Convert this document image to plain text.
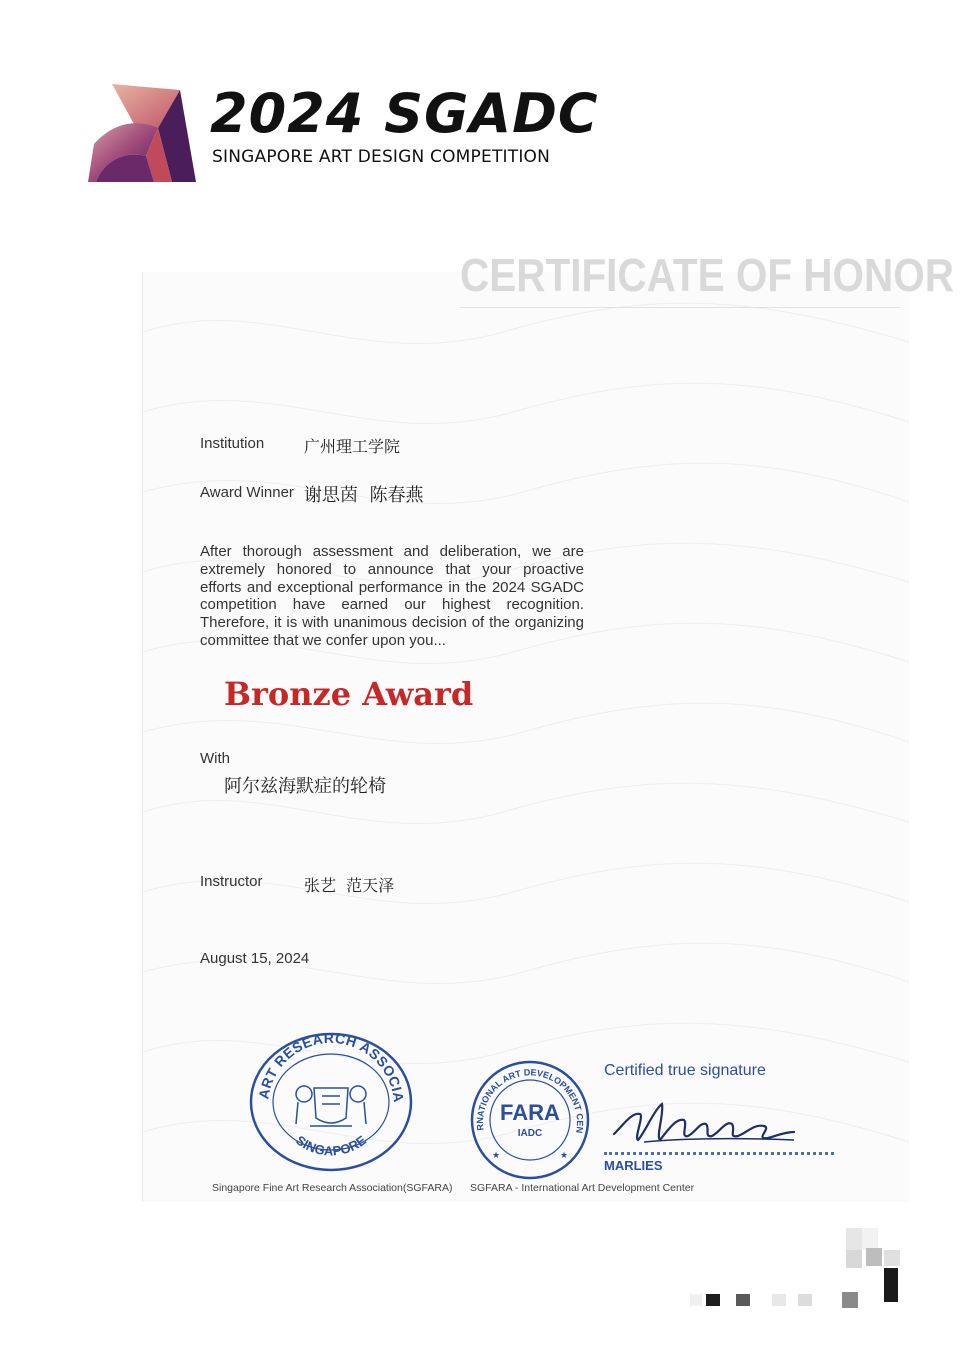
2024 SGADC
SINGAPORE ART DESIGN COMPETITION
CERTIFICATE OF HONOR
Institution 广州理工学院
Award Winner 谢思茵  陈春燕
After thorough assessment and deliberation, we are extremely honored to announce that your proactive efforts and exceptional performance in the 2024 SGADC competition have earned our highest recognition. Therefore, it is with unanimous decision of the organizing committee that we confer upon you...
Bronze Award
With
阿尔兹海默症的轮椅
Instructor	张艺  范天泽
August 15, 2024
ART RESEARCH ASSOCIA
SINGAPORE
RNATIONAL ART DEVELOPMENT CEN
FARA
IADC
★	★
Certified true signature
MARLIES
Singapore Fine Art Research Association(SGFARA) SGFARA - International Art Development Center
